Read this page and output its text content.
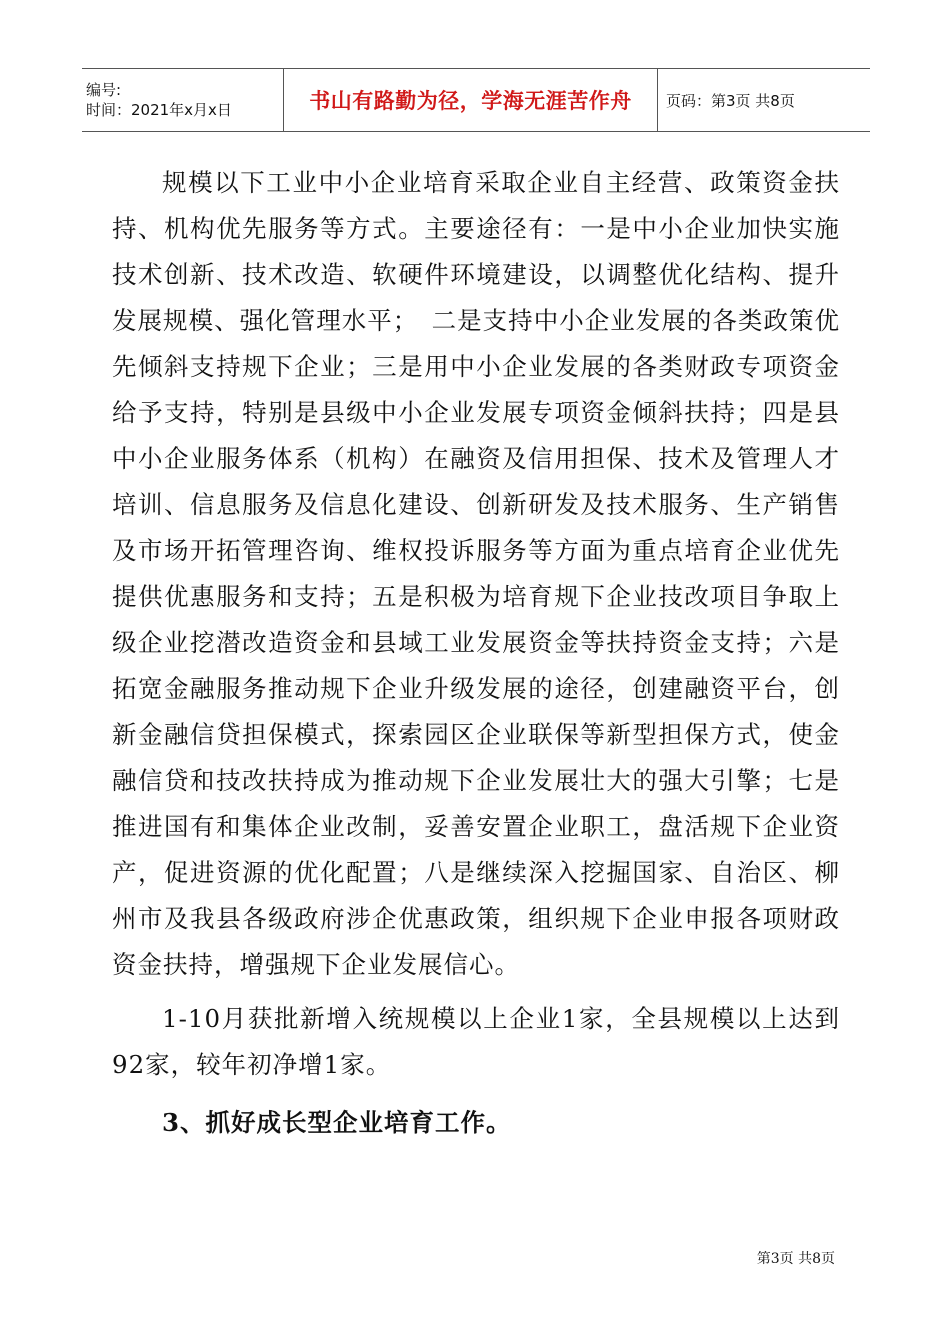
编号:
时间：2021年x月x日	书山有路勤为径，学海无涯苦作舟 页码：第3页 共8页

规模以下工业中小企业培育采取企业自主经营、政策资金扶持、机构优先服务等方式。主要途径有：一是中小企业加快实施技术创新、技术改造、软硬件环境建设，以调整优化结构、提升发展规模、强化管理水平；　二是支持中小企业发展的各类政策优先倾斜支持规下企业；三是用中小企业发展的各类财政专项资金给予支持，特别是县级中小企业发展专项资金倾斜扶持；四是县中小企业服务体系（机构）在融资及信用担保、技术及管理人才培训、信息服务及信息化建设、创新研发及技术服务、生产销售及市场开拓管理咨询、维权投诉服务等方面为重点培育企业优先提供优惠服务和支持；五是积极为培育规下企业技改项目争取上级企业挖潜改造资金和县域工业发展资金等扶持资金支持；六是拓宽金融服务推动规下企业升级发展的途径，创建融资平台，创新金融信贷担保模式，探索园区企业联保等新型担保方式，使金融信贷和技改扶持成为推动规下企业发展壮大的强大引擎；七是推进国有和集体企业改制，妥善安置企业职工，盘活规下企业资产，促进资源的优化配置；八是继续深入挖掘国家、自治区、柳州市及我县各级政府涉企优惠政策，组织规下企业申报各项财政资金扶持，增强规下企业发展信心。

1-10月获批新增入统规模以上企业1家，全县规模以上达到92家，较年初净增1家。

3、抓好成长型企业培育工作。
第3页 共8页
